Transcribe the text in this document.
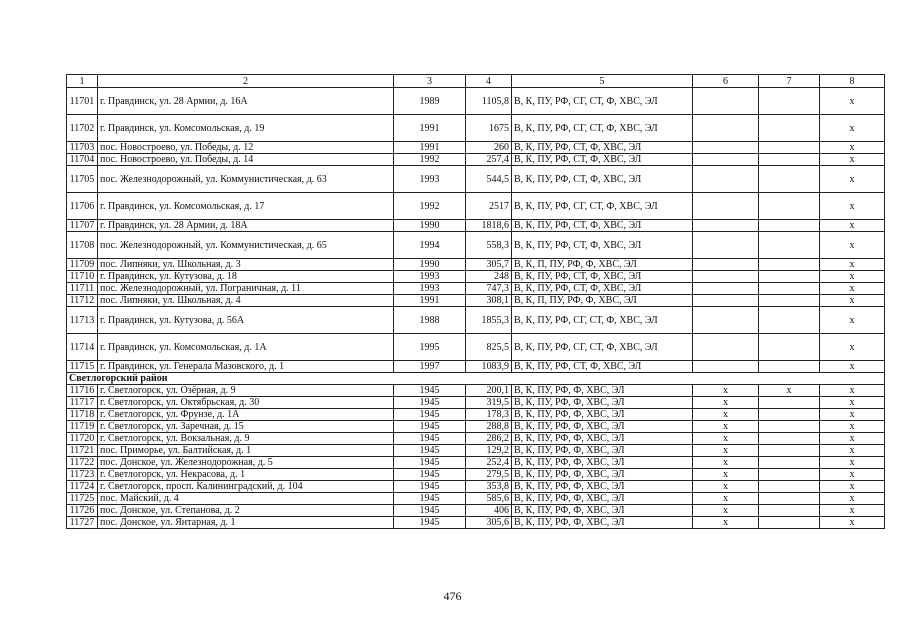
1	2	3	4	5	6	7	8
11701	г. Правдинск, ул. 28 Армии, д. 16А	1989	1105,8	В, К, ПУ, РФ, СГ, СТ, Ф, ХВС, ЭЛ			x
11702	г. Правдинск, ул. Комсомольская, д. 19	1991	1675	В, К, ПУ, РФ, СГ, СТ, Ф, ХВС, ЭЛ			x
11703	пос. Новостроево, ул. Победы, д. 12	1991	260	В, К, ПУ, РФ, СТ, Ф, ХВС, ЭЛ			x
11704	пос. Новостроево, ул. Победы, д. 14	1992	257,4	В, К, ПУ, РФ, СТ, Ф, ХВС, ЭЛ			x
11705	пос. Железнодорожный, ул. Коммунистическая, д. 63	1993	544,5	В, К, ПУ, РФ, СТ, Ф, ХВС, ЭЛ			x
11706	г. Правдинск, ул. Комсомольская, д. 17	1992	2517	В, К, ПУ, РФ, СГ, СТ, Ф, ХВС, ЭЛ			x
11707	г. Правдинск, ул. 28 Армии, д. 18А	1990	1818,6	В, К, ПУ, РФ, СТ, Ф, ХВС, ЭЛ			x
11708	пос. Железнодорожный, ул. Коммунистическая, д. 65	1994	558,3	В, К, ПУ, РФ, СТ, Ф, ХВС, ЭЛ			x
11709	пос. Липняки, ул. Школьная, д. 3	1990	305,7	В, К, П, ПУ, РФ, Ф, ХВС, ЭЛ			x
11710	г. Правдинск, ул. Кутузова, д. 18	1993	248	В, К, ПУ, РФ, СТ, Ф, ХВС, ЭЛ			x
11711	пос. Железнодорожный, ул. Пограничная, д. 11	1993	747,3	В, К, ПУ, РФ, СТ, Ф, ХВС, ЭЛ			x
11712	пос. Липняки, ул. Школьная, д. 4	1991	308,1	В, К, П, ПУ, РФ, Ф, ХВС, ЭЛ			x
11713	г. Правдинск, ул. Кутузова, д. 56А	1988	1855,3	В, К, ПУ, РФ, СГ, СТ, Ф, ХВС, ЭЛ			x
11714	г. Правдинск, ул. Комсомольская, д. 1А	1995	825,5	В, К, ПУ, РФ, СГ, СТ, Ф, ХВС, ЭЛ			x
11715	г. Правдинск, ул. Генерала Мазовского, д. 1	1997	1083,9	В, К, ПУ, РФ, СТ, Ф, ХВС, ЭЛ			x
Светлогорский район							
11716	г. Светлогорск, ул. Озёрная, д. 9	1945	200,1	В, К, ПУ, РФ, Ф, ХВС, ЭЛ	x	x	x
11717	г. Светлогорск, ул. Октябрьская, д. 30	1945	319,5	В, К, ПУ, РФ, Ф, ХВС, ЭЛ	x		x
11718	г. Светлогорск, ул. Фрунзе, д. 1А	1945	178,3	В, К, ПУ, РФ, Ф, ХВС, ЭЛ	x		x
11719	г. Светлогорск, ул. Заречная, д. 15	1945	288,8	В, К, ПУ, РФ, Ф, ХВС, ЭЛ	x		x
11720	г. Светлогорск, ул. Вокзальная, д. 9	1945	286,2	В, К, ПУ, РФ, Ф, ХВС, ЭЛ	x		x
11721	пос. Приморье, ул. Балтийская, д. 1	1945	129,2	В, К, ПУ, РФ, Ф, ХВС, ЭЛ	x		x
11722	пос. Донское, ул. Железнодорожная, д. 5	1945	252,4	В, К, ПУ, РФ, Ф, ХВС, ЭЛ	x		x
11723	г. Светлогорск, ул. Некрасова, д. 1	1945	279,5	В, К, ПУ, РФ, Ф, ХВС, ЭЛ	x		x
11724	г. Светлогорск, просп. Калининградский, д. 104	1945	353,8	В, К, ПУ, РФ, Ф, ХВС, ЭЛ	x		x
11725	пос. Майский, д. 4	1945	585,6	В, К, ПУ, РФ, Ф, ХВС, ЭЛ	x		x
11726	пос. Донское, ул. Степанова, д. 2	1945	406	В, К, ПУ, РФ, Ф, ХВС, ЭЛ	x		x
11727	пос. Донское, ул. Янтарная, д. 1	1945	305,6	В, К, ПУ, РФ, Ф, ХВС, ЭЛ	x		x
476
